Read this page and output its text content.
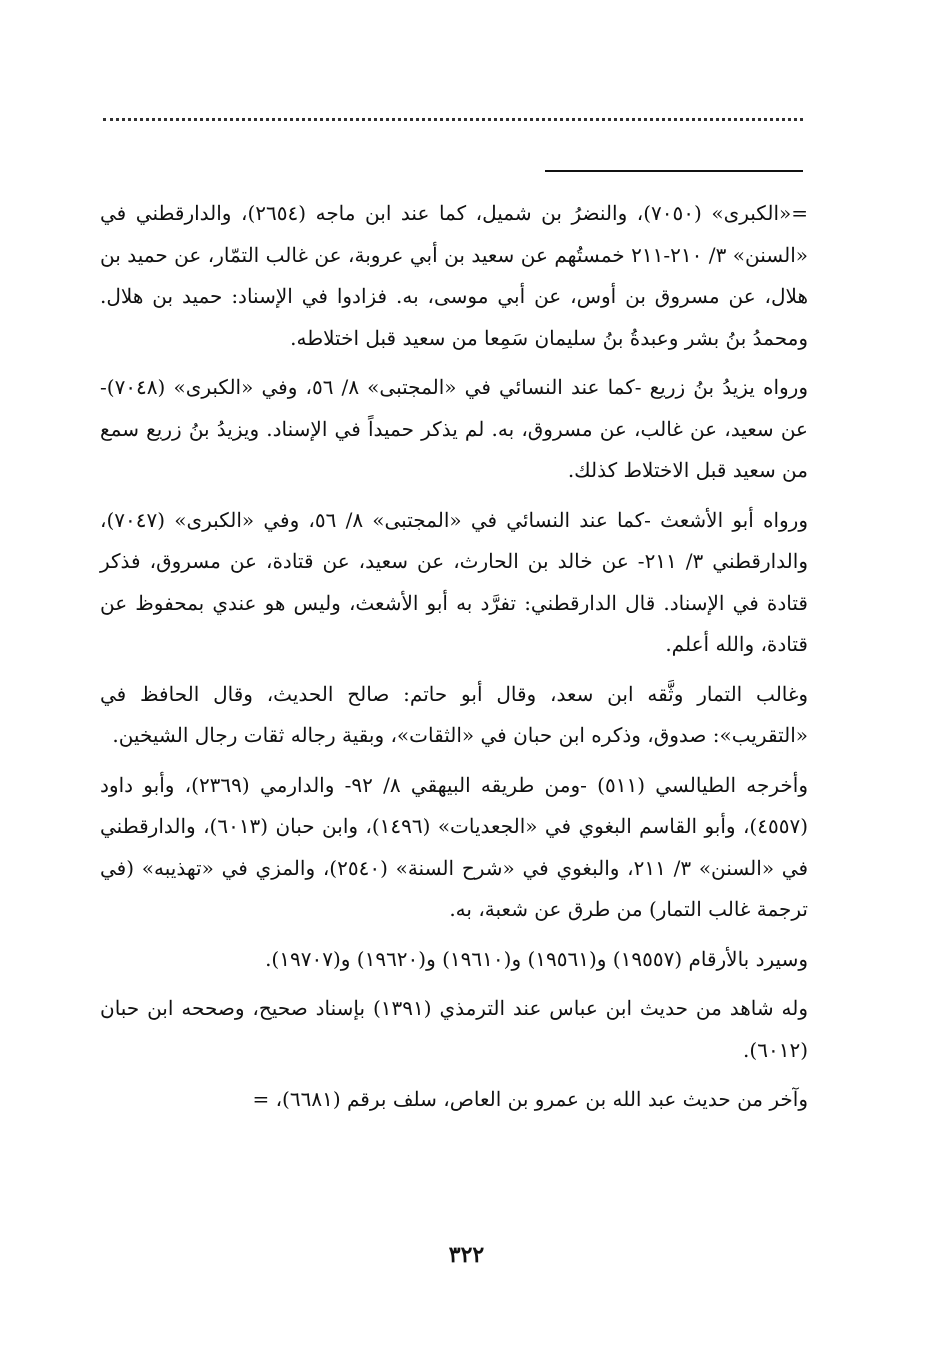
=«الكبرى» (٧٠٥٠)، والنضرُ بن شميل، كما عند ابن ماجه (٢٦٥٤)، والدارقطني في «السنن» ٣/ ٢١٠-٢١١ خمستُهم عن سعيد بن أبي عروبة، عن غالب التمّار، عن حميد بن هلال، عن مسروق بن أوس، عن أبي موسى، به. فزادوا في الإسناد: حميد بن هلال. ومحمدُ بنُ بشر وعبدةُ بنُ سليمان سَمِعا من سعيد قبل اختلاطه.

ورواه يزيدُ بنُ زريع -كما عند النسائي في «المجتبى» ٨/ ٥٦، وفي «الكبرى» (٧٠٤٨)- عن سعيد، عن غالب، عن مسروق، به. لم يذكر حميداً في الإسناد. ويزيدُ بنُ زريع سمع من سعيد قبل الاختلاط كذلك.

ورواه أبو الأشعث -كما عند النسائي في «المجتبى» ٨/ ٥٦، وفي «الكبرى» (٧٠٤٧)، والدارقطني ٣/ ٢١١- عن خالد بن الحارث، عن سعيد، عن قتادة، عن مسروق، فذكر قتادة في الإسناد. قال الدارقطني: تفرَّد به أبو الأشعث، وليس هو عندي بمحفوظ عن قتادة، والله أعلم.

وغالب التمار وثَّقه ابن سعد، وقال أبو حاتم: صالح الحديث، وقال الحافظ في «التقريب»: صدوق، وذكره ابن حبان في «الثقات»، وبقية رجاله ثقات رجال الشيخين.

وأخرجه الطيالسي (٥١١) -ومن طريقه البيهقي ٨/ ٩٢- والدارمي (٢٣٦٩)، وأبو داود (٤٥٥٧)، وأبو القاسم البغوي في «الجعديات» (١٤٩٦)، وابن حبان (٦٠١٣)، والدارقطني في «السنن» ٣/ ٢١١، والبغوي في «شرح السنة» (٢٥٤٠)، والمزي في «تهذيبه» (في ترجمة غالب التمار) من طرق عن شعبة، به.

وسيرد بالأرقام (١٩٥٥٧) و(١٩٥٦١) و(١٩٦١٠) و(١٩٦٢٠) و(١٩٧٠٧).

وله شاهد من حديث ابن عباس عند الترمذي (١٣٩١) بإسناد صحيح، وصححه ابن حبان (٦٠١٢).

وآخر من حديث عبد الله بن عمرو بن العاص، سلف برقم (٦٦٨١)، =

٣٢٢
